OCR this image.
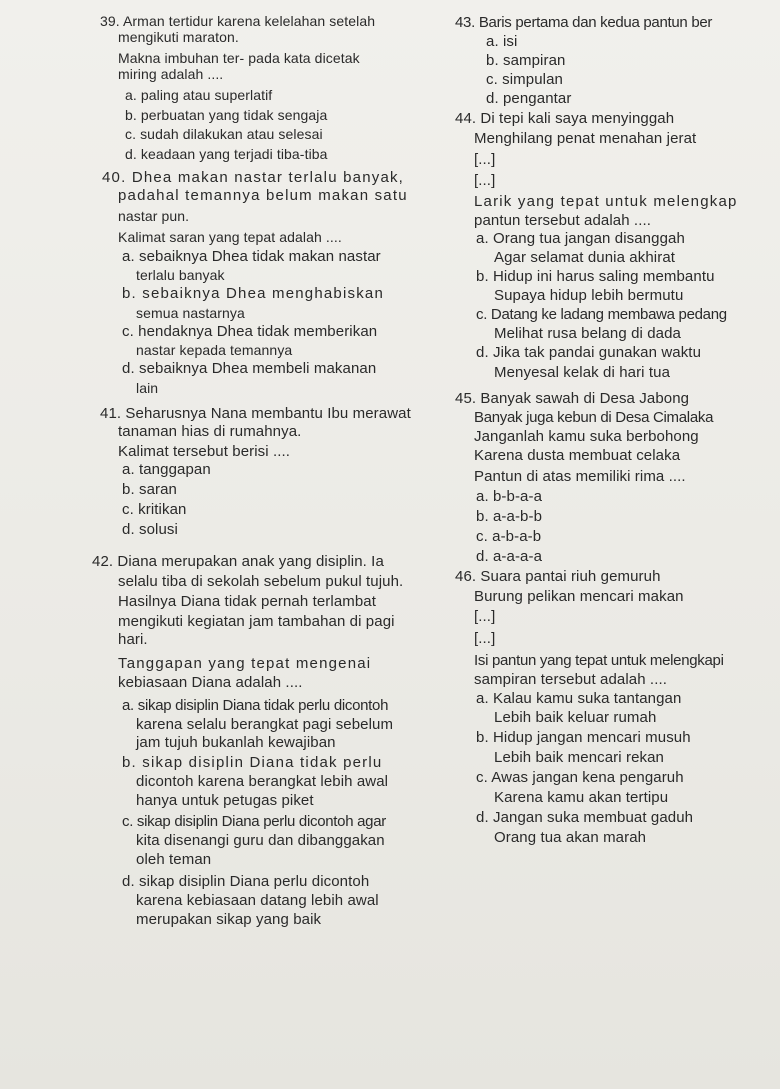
39. Arman tertidur karena kelelahan setelah
mengikuti maraton.
Makna imbuhan ter- pada kata dicetak
miring adalah ....
a. paling atau superlatif
b. perbuatan yang tidak sengaja
c. sudah dilakukan atau selesai
d. keadaan yang terjadi tiba-tiba
40. Dhea makan nastar terlalu banyak,
padahal temannya belum makan satu
nastar pun.
Kalimat saran yang tepat adalah ....
a. sebaiknya Dhea tidak makan nastar
terlalu banyak
b. sebaiknya Dhea menghabiskan
semua nastarnya
c. hendaknya Dhea tidak memberikan
nastar kepada temannya
d. sebaiknya Dhea membeli makanan
lain
41. Seharusnya Nana membantu Ibu merawat
tanaman hias di rumahnya.
Kalimat tersebut berisi ....
a. tanggapan
b. saran
c. kritikan
d. solusi
42. Diana merupakan anak yang disiplin. Ia
selalu tiba di sekolah sebelum pukul tujuh.
Hasilnya Diana tidak pernah terlambat
mengikuti kegiatan jam tambahan di pagi
hari.
Tanggapan yang tepat mengenai
kebiasaan Diana adalah ....
a. sikap disiplin Diana tidak perlu dicontoh
karena selalu berangkat pagi sebelum
jam tujuh bukanlah kewajiban
b. sikap disiplin Diana tidak perlu
dicontoh karena berangkat lebih awal
hanya untuk petugas piket
c. sikap disiplin Diana perlu dicontoh agar
kita disenangi guru dan dibanggakan
oleh teman
d. sikap disiplin Diana perlu dicontoh
karena kebiasaan datang lebih awal
merupakan sikap yang baik
43. Baris pertama dan kedua pantun ber
a. isi
b. sampiran
c. simpulan
d. pengantar
44. Di tepi kali saya menyinggah
Menghilang penat menahan jerat
[...]
[...]
Larik yang tepat untuk melengkap
pantun tersebut adalah ....
a. Orang tua jangan disanggah
Agar selamat dunia akhirat
b. Hidup ini harus saling membantu
Supaya hidup lebih bermutu
c. Datang ke ladang membawa pedang
Melihat rusa belang di dada
d. Jika tak pandai gunakan waktu
Menyesal kelak di hari tua
45. Banyak sawah di Desa Jabong
Banyak juga kebun di Desa Cimalaka
Janganlah kamu suka berbohong
Karena dusta membuat celaka
Pantun di atas memiliki rima ....
a. b-b-a-a
b. a-a-b-b
c. a-b-a-b
d. a-a-a-a
46. Suara pantai riuh gemuruh
Burung pelikan mencari makan
[...]
[...]
Isi pantun yang tepat untuk melengkapi
sampiran tersebut adalah ....
a. Kalau kamu suka tantangan
Lebih baik keluar rumah
b. Hidup jangan mencari musuh
Lebih baik mencari rekan
c. Awas jangan kena pengaruh
Karena kamu akan tertipu
d. Jangan suka membuat gaduh
Orang tua akan marah
